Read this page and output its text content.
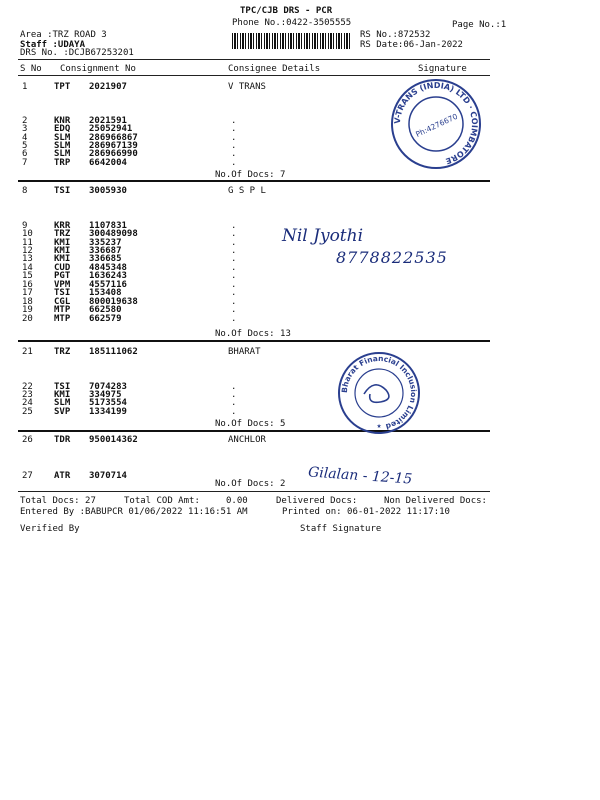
TPC/CJB DRS - PCR
Phone No.:0422-3505555	Page No.:1
Area :TRZ ROAD 3
Staff :UDAYA
DRS No. :DCJB67253201
RS No.:872532
RS Date:06-Jan-2022
S No Consignment No	Consignee Details	Signature
1	TPT 2021907	V TRANS
2	KNR 2021591	.
3	EDQ 25052941	.
4	SLM 286966867	.
5	SLM 286967139	.
6	SLM 286966990	.
7	TRP 6642004	.
No.Of Docs: 7
8	TSI 3005930	G S P L
9	KRR 1107831	.
10 TRZ 300489098	.
11 KMI 335237	.
12 KMI 336687	.
13 KMI 336685	.
14 CUD 4845348	.
15 PGT 1636243	.
16 VPM 4557116	.
17 TSI 153408	.
18 CGL 800019638	.
19 MTP 662580	.
20 MTP 662579	.
No.Of Docs: 13
21 TRZ 185111062	BHARAT
22 TSI 7074283	.
23 KMI 334975	.
24 SLM 5173554	.
25 SVP 1334199	.
No.Of Docs: 5
26 TDR 950014362	ANCHLOR
27 ATR 3070714
No.Of Docs: 2
Total Docs: 27	Total COD Amt:	0.00	Delivered Docs:	Non Delivered Docs:
Entered By :BABUPCR 01/06/2022 11:16:51 AM	Printed on: 06-01-2022 11:17:10
Verified By	Staff Signature
V-TRANS (INDIA) LTD · COIMBATORE
Ph:4276670
Bharat Financial Inclusion Limited
★
Nil Jyothi
8778822535
Gilalan - 12-15
